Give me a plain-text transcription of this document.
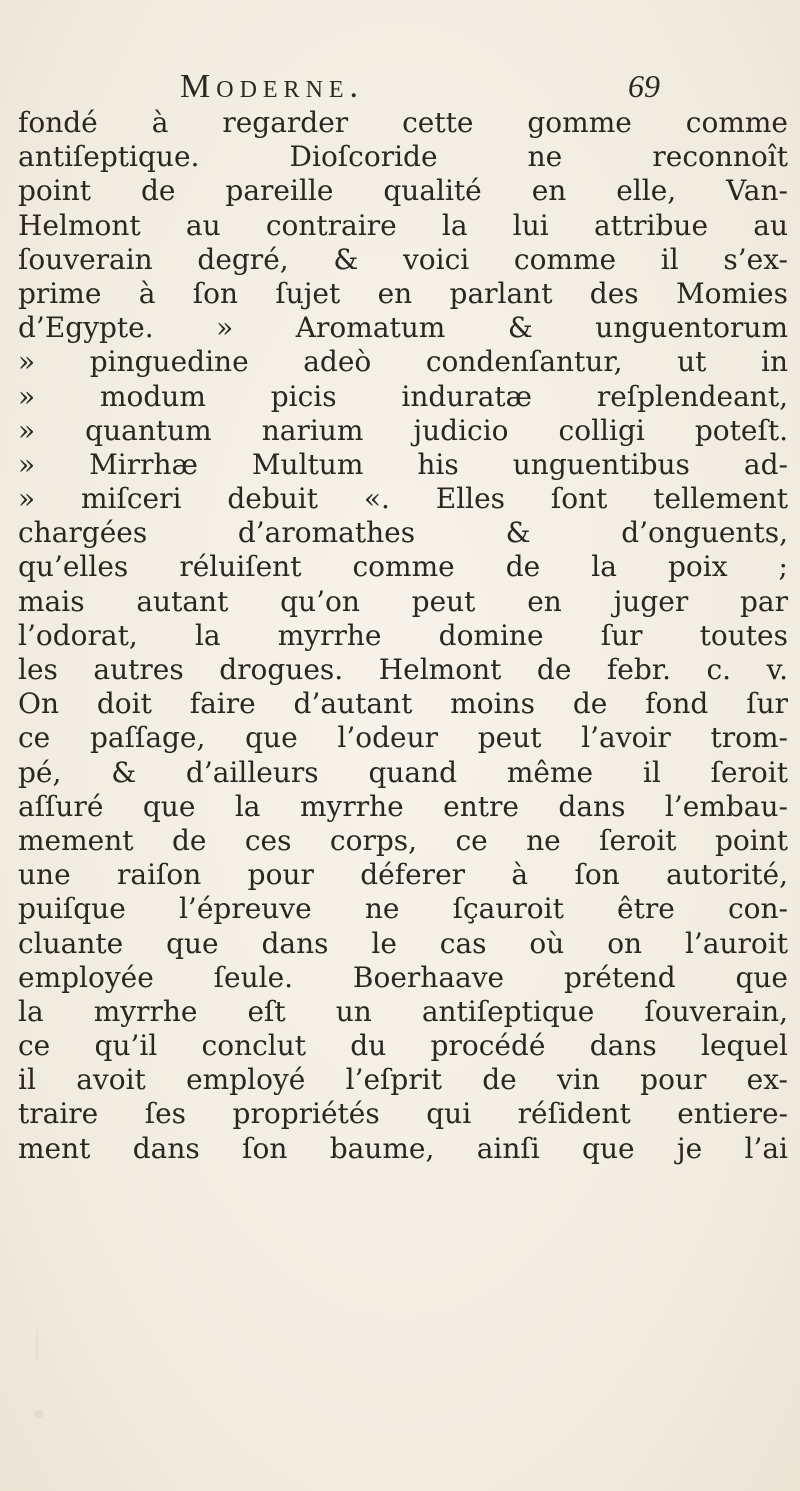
Moderne.	69
fondé à regarder cette gomme comme
antiſeptique. Dioſcoride ne reconnoît
point de pareille qualité en elle, Van-
Helmont au contraire la lui attribue au
ſouverain degré, & voici comme il s’ex-
prime à ſon ſujet en parlant des Momies
d’Egypte. » Aromatum & unguentorum
» pinguedine adeò condenſantur, ut in
» modum picis induratæ reſplendeant,
» quantum narium judicio colligi poteſt.
» Mirrhæ Multum his unguentibus ad-
» miſceri debuit «. Elles ſont tellement
chargées d’aromathes & d’onguents,
qu’elles réluiſent comme de la poix ;
mais autant qu’on peut en juger par
l’odorat, la myrrhe domine ſur toutes
les autres drogues. Helmont de febr. c. v.
On doit faire d’autant moins de fond ſur
ce paſſage, que l’odeur peut l’avoir trom-
pé, & d’ailleurs quand même il ſeroit
aſſuré que la myrrhe entre dans l’embau-
mement de ces corps, ce ne ſeroit point
une raiſon pour déferer à ſon autorité,
puiſque l’épreuve ne ſçauroit être con-
cluante que dans le cas où on l’auroit
employée ſeule. Boerhaave prétend que
la myrrhe eſt un antiſeptique ſouverain,
ce qu’il conclut du procédé dans lequel
il avoit employé l’eſprit de vin pour ex-
traire ſes propriétés qui réſident entiere-
ment dans ſon baume, ainſi que je l’ai
